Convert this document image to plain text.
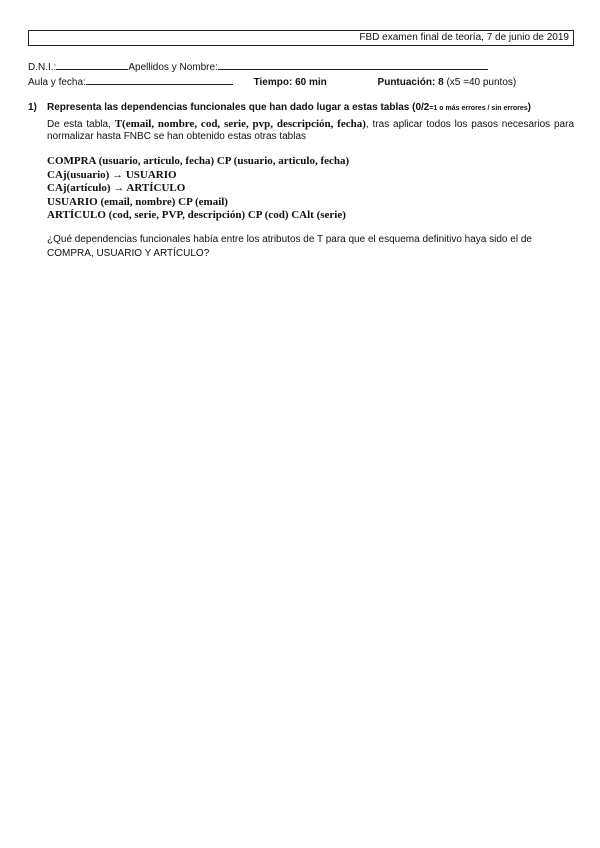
FBD examen final de teoría, 7 de junio de 2019
D.N.I.:	Apellidos y Nombre:
Aula y fecha:	Tiempo: 60 min	Puntuación: 8 (x5 =40 puntos)
1) Representa las dependencias funcionales que han dado lugar a estas tablas (0/2=1 o más errores / sin errores)
De esta tabla, T(email, nombre, cod, serie, pvp, descripción, fecha), tras aplicar todos los pasos necesarios para normalizar hasta FNBC se han obtenido estas otras tablas
COMPRA (usuario, articulo, fecha) CP (usuario, articulo, fecha)
CAj(usuario) → USUARIO
CAj(artículo) → ARTÍCULO
USUARIO (email, nombre) CP (email)
ARTÍCULO (cod, serie, PVP, descripción) CP (cod) CAlt (serie)
¿Qué dependencias funcionales había entre los atributos de T para que el esquema definitivo haya sido el de COMPRA, USUARIO Y ARTÍCULO?
